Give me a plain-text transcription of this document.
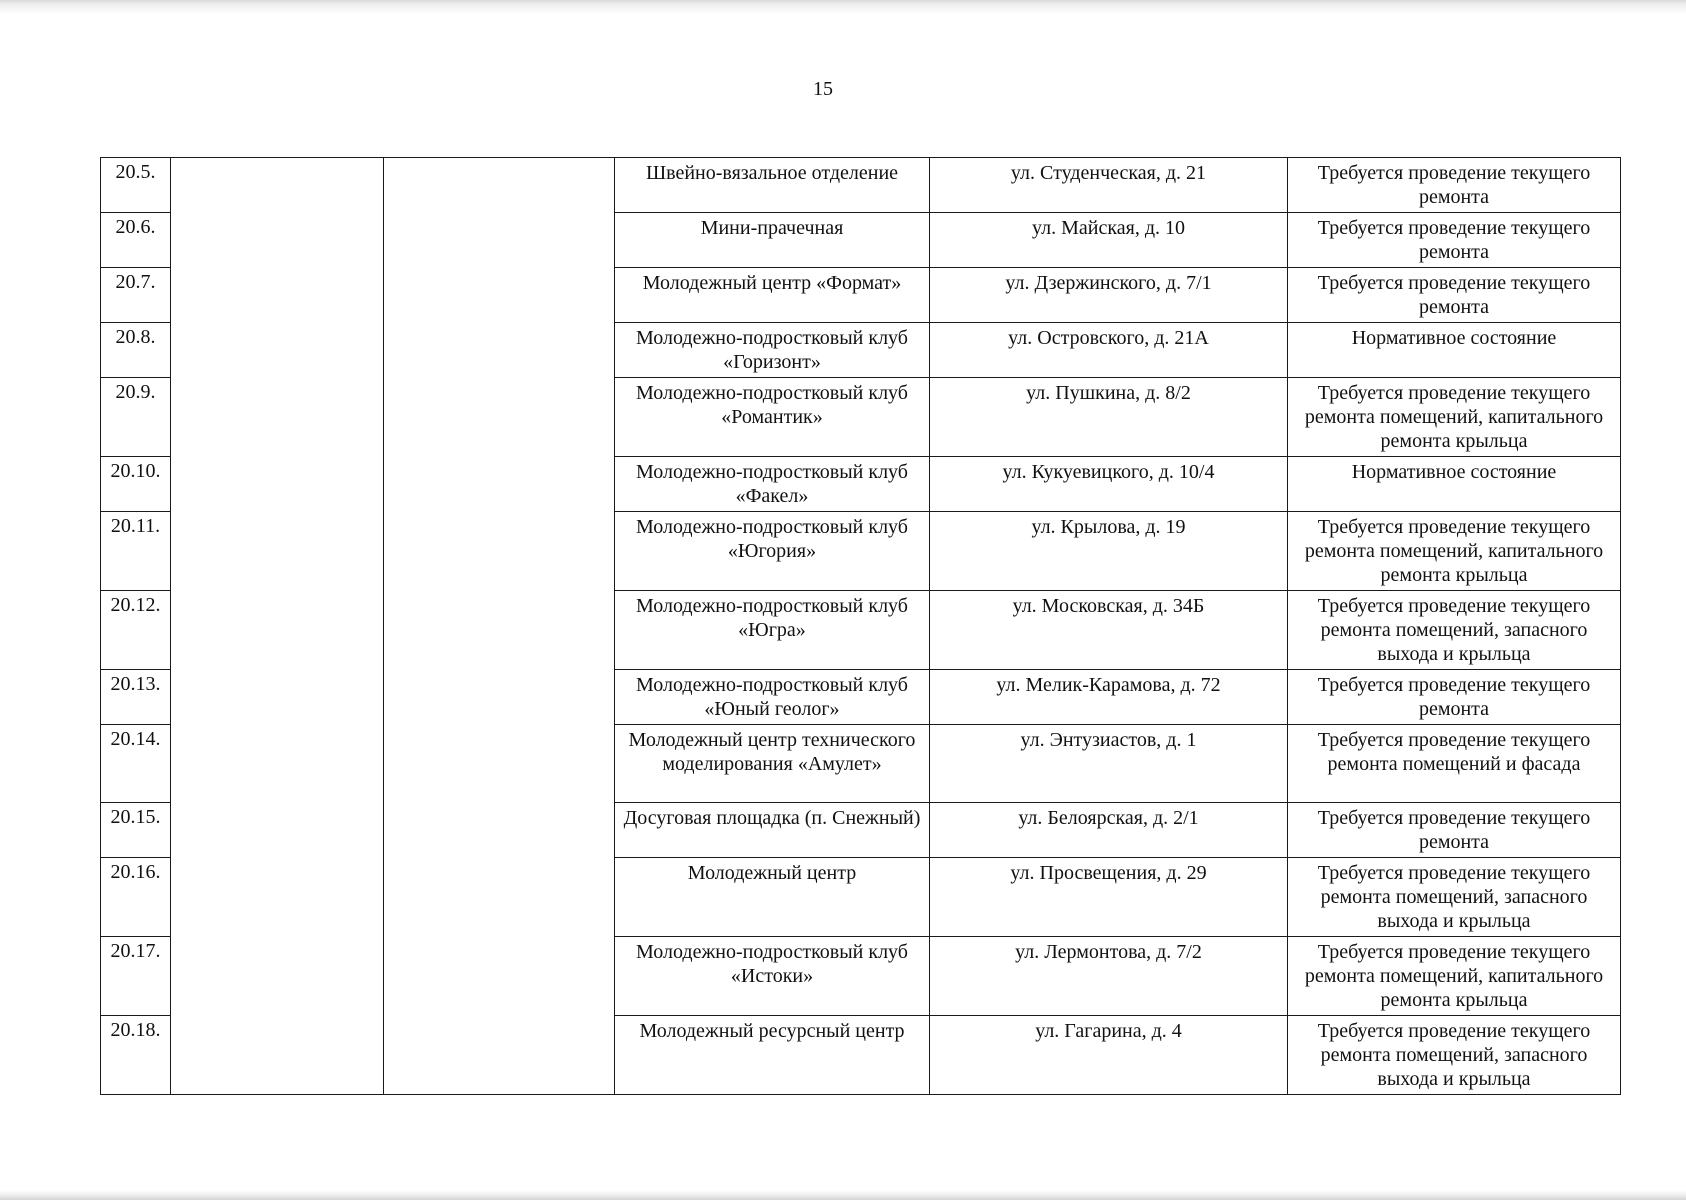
15
20.5.			Швейно-вязальное отделение	ул. Студенческая, д. 21	Требуется проведение текущего ремонта
20.6.			Мини-прачечная	ул. Майская, д. 10	Требуется проведение текущего ремонта
20.7.			Молодежный центр «Формат»	ул. Дзержинского, д. 7/1	Требуется проведение текущего ремонта
20.8.			Молодежно-подростковый клуб «Горизонт»	ул. Островского, д. 21А	Нормативное состояние
20.9.			Молодежно-подростковый клуб «Романтик»	ул. Пушкина, д. 8/2	Требуется проведение текущего ремонта помещений, капитального ремонта крыльца
20.10.			Молодежно-подростковый клуб «Факел»	ул. Кукуевицкого, д. 10/4	Нормативное состояние
20.11.			Молодежно-подростковый клуб «Югория»	ул. Крылова, д. 19	Требуется проведение текущего ремонта помещений, капитального ремонта крыльца
20.12.			Молодежно-подростковый клуб «Югра»	ул. Московская, д. 34Б	Требуется проведение текущего ремонта помещений, запасного выхода и крыльца
20.13.			Молодежно-подростковый клуб «Юный геолог»	ул. Мелик-Карамова, д. 72	Требуется проведение текущего ремонта
20.14.			Молодежный центр технического моделирования «Амулет»	ул. Энтузиастов, д. 1	Требуется проведение текущего ремонта помещений и фасада
20.15.			Досуговая площадка (п. Снежный)	ул. Белоярская, д. 2/1	Требуется проведение текущего ремонта
20.16.			Молодежный центр	ул. Просвещения, д. 29	Требуется проведение текущего ремонта помещений, запасного выхода и крыльца
20.17.			Молодежно-подростковый клуб «Истоки»	ул. Лермонтова, д. 7/2	Требуется проведение текущего ремонта помещений, капитального ремонта крыльца
20.18.			Молодежный ресурсный центр	ул. Гагарина, д. 4	Требуется проведение текущего ремонта помещений, запасного выхода и крыльца
